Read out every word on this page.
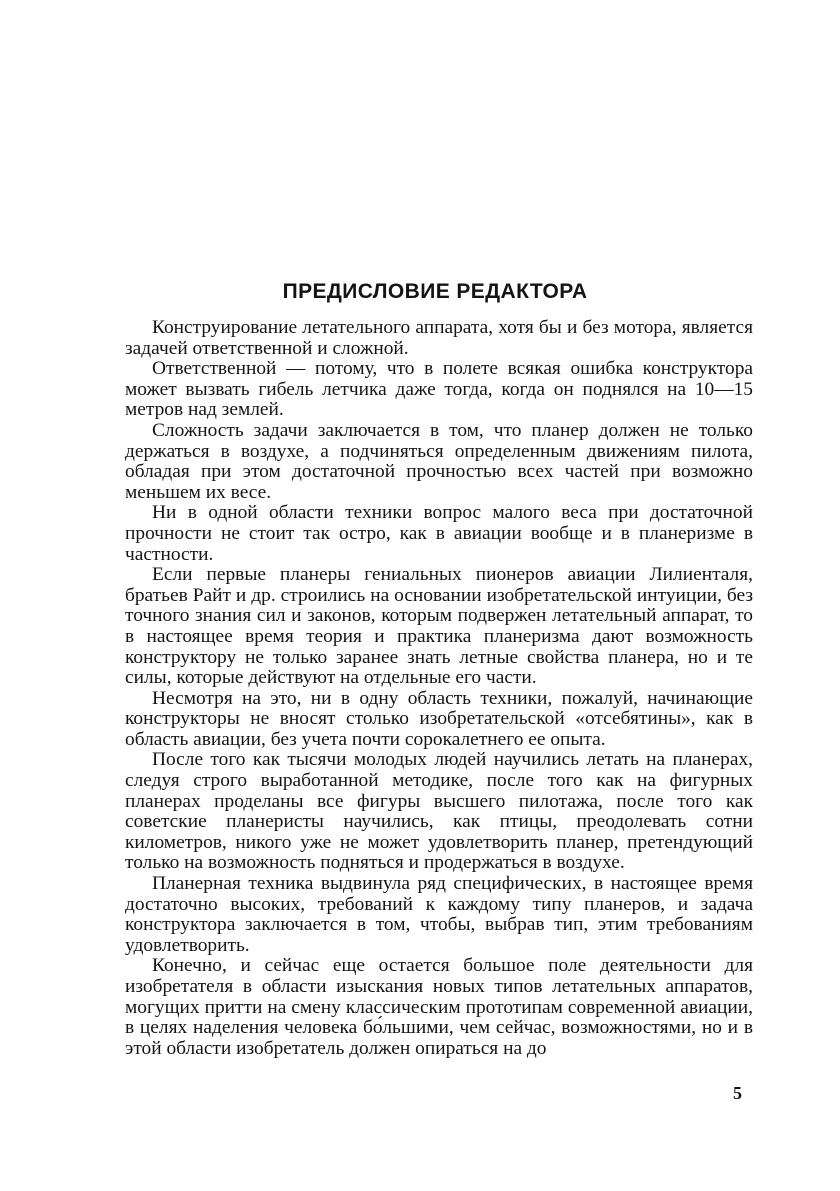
ПРЕДИСЛОВИЕ РЕДАКТОРА

Конструирование летательного аппарата, хотя бы и без мотора, является задачей ответственной и сложной.

Ответственной — потому, что в полете всякая ошибка конструктора может вызвать гибель летчика даже тогда, когда он поднялся на 10—15 метров над землей.

Сложность задачи заключается в том, что планер должен не только держаться в воздухе, а подчиняться определенным движениям пилота, обладая при этом достаточной прочностью всех частей при возможно меньшем их весе.

Ни в одной области техники вопрос малого веса при достаточной прочности не стоит так остро, как в авиации вообще и в планеризме в частности.

Если первые планеры гениальных пионеров авиации Лилиенталя, братьев Райт и др. строились на основании изобретательской интуиции, без точного знания сил и законов, которым подвержен летательный аппарат, то в настоящее время теория и практика планеризма дают возможность конструктору не только заранее знать летные свойства планера, но и те силы, которые действуют на отдельные его части.

Несмотря на это, ни в одну область техники, пожалуй, начинающие конструкторы не вносят столько изобретательской «отсебятины», как в область авиации, без учета почти сорокалетнего ее опыта.

После того как тысячи молодых людей научились летать на планерах, следуя строго выработанной методике, после того как на фигурных планерах проделаны все фигуры высшего пилотажа, после того как советские планеристы научились, как птицы, преодолевать сотни километров, никого уже не может удовлетворить планер, претендующий только на возможность подняться и продержаться в воздухе.

Планерная техника выдвинула ряд специфических, в настоящее время достаточно высоких, требований к каждому типу планеров, и задача конструктора заключается в том, чтобы, выбрав тип, этим требованиям удовлетворить.

Конечно, и сейчас еще остается большое поле деятельности для изобретателя в области изыскания новых типов летательных аппаратов, могущих притти на смену классическим прототипам современной авиации, в целях наделения человека бо́льшими, чем сейчас, возможностями, но и в этой области изобретатель должен опираться на до

5
